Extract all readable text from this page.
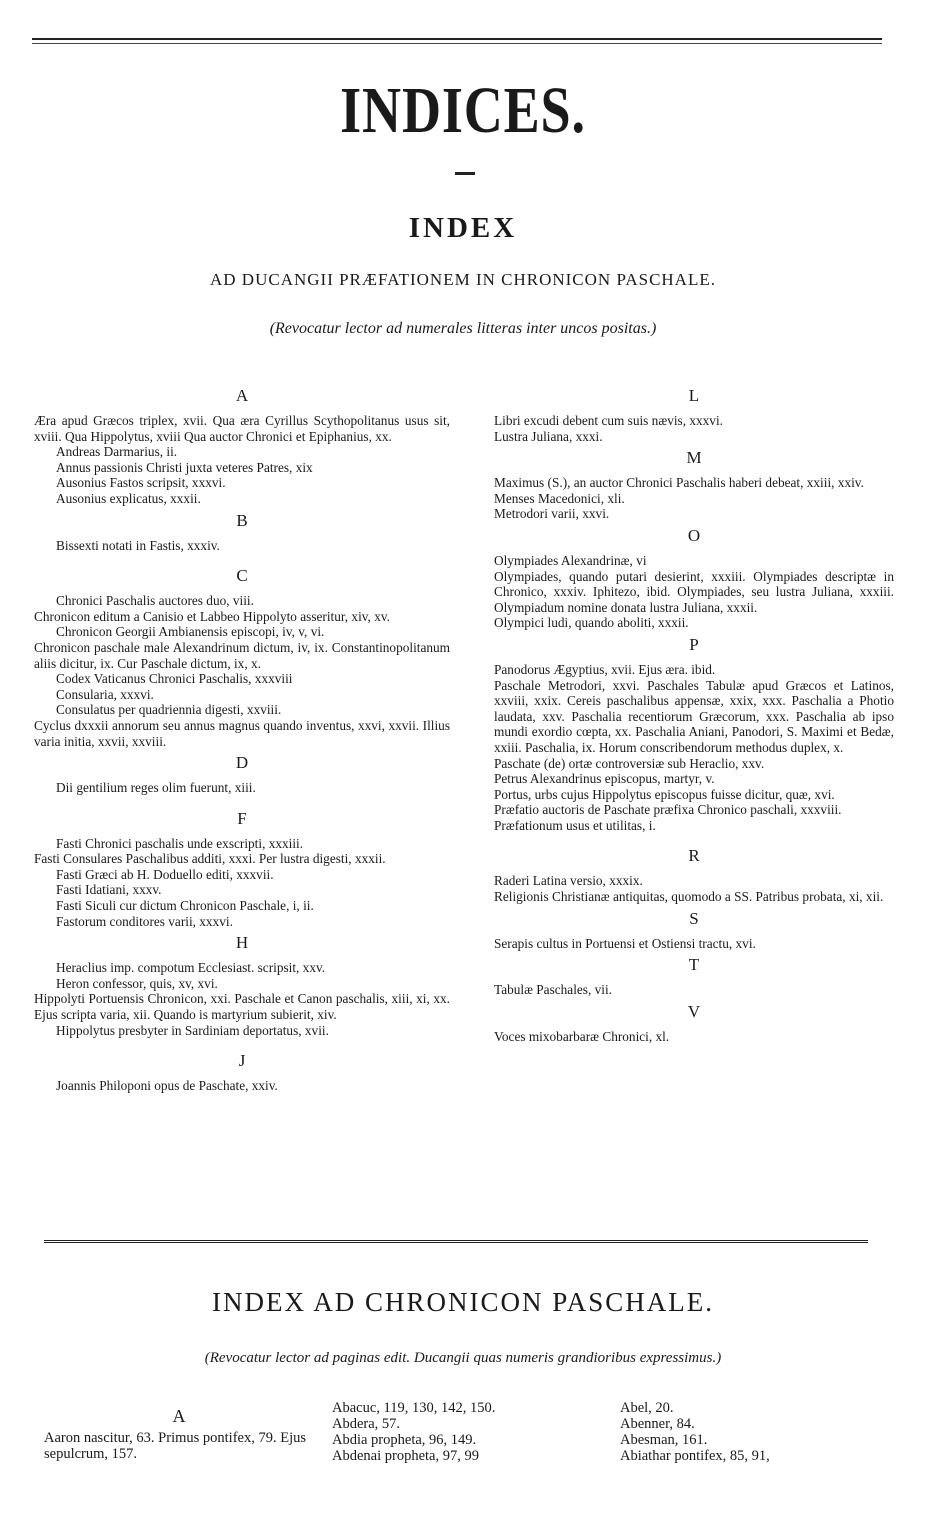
INDICES.
INDEX
AD DUCANGII PRÆFATIONEM IN CHRONICON PASCHALE.
(Revocatur lector ad numerales litteras inter uncos positas.)
A

Æra apud Græcos triplex, xvii. Qua æra Cyrillus Scythopolitanus usus sit, xviii. Qua Hippolytus, xviii Qua auctor Chronici et Epiphanius, xx.

Andreas Darmarius, ii.

Annus passionis Christi juxta veteres Patres, xix

Ausonius Fastos scripsit, xxxvi.

Ausonius explicatus, xxxii.

B

Bissexti notati in Fastis, xxxiv.

C

Chronici Paschalis auctores duo, viii.

Chronicon editum a Canisio et Labbeo Hippolyto asseritur, xiv, xv.

Chronicon Georgii Ambianensis episcopi, iv, v, vi.

Chronicon paschale male Alexandrinum dictum, iv, ix. Constantinopolitanum aliis dicitur, ix. Cur Paschale dictum, ix, x.

Codex Vaticanus Chronici Paschalis, xxxviii

Consularia, xxxvi.

Consulatus per quadriennia digesti, xxviii.

Cyclus dxxxii annorum seu annus magnus quando inventus, xxvi, xxvii. Illius varia initia, xxvii, xxviii.

D

Dii gentilium reges olim fuerunt, xiii.

F

Fasti Chronici paschalis unde exscripti, xxxiii.

Fasti Consulares Paschalibus additi, xxxi. Per lustra digesti, xxxii.

Fasti Græci ab H. Doduello editi, xxxvii.

Fasti Idatiani, xxxv.

Fasti Siculi cur dictum Chronicon Paschale, i, ii.

Fastorum conditores varii, xxxvi.

H

Heraclius imp. compotum Ecclesiast. scripsit, xxv.

Heron confessor, quis, xv, xvi.

Hippolyti Portuensis Chronicon, xxi. Paschale et Canon paschalis, xiii, xi, xx. Ejus scripta varia, xii. Quando is martyrium subierit, xiv.

Hippolytus presbyter in Sardiniam deportatus, xvii.

J

Joannis Philoponi opus de Paschate, xxiv.

L

Libri excudi debent cum suis nævis, xxxvi.

Lustra Juliana, xxxi.

M

Maximus (S.), an auctor Chronici Paschalis haberi debeat, xxiii, xxiv.

Menses Macedonici, xli.

Metrodori varii, xxvi.

O

Olympiades Alexandrinæ, vi

Olympiades, quando putari desierint, xxxiii. Olympiades descriptæ in Chronico, xxxiv. Iphitezo, ibid. Olympiades, seu lustra Juliana, xxxiii. Olympiadum nomine donata lustra Juliana, xxxii.

Olympici ludi, quando aboliti, xxxii.

P

Panodorus Ægyptius, xvii. Ejus æra. ibid.

Paschale Metrodori, xxvi. Paschales Tabulæ apud Græcos et Latinos, xxviii, xxix. Cereis paschalibus appensæ, xxix, xxx. Paschalia a Photio laudata, xxv. Paschalia recentiorum Græcorum, xxx. Paschalia ab ipso mundi exordio cœpta, xx. Paschalia Aniani, Panodori, S. Maximi et Bedæ, xxiii. Paschalia, ix. Horum conscribendorum methodus duplex, x.

Paschate (de) ortæ controversiæ sub Heraclio, xxv.

Petrus Alexandrinus episcopus, martyr, v.

Portus, urbs cujus Hippolytus episcopus fuisse dicitur, quæ, xvi.

Præfatio auctoris de Paschate præfixa Chronico paschali, xxxviii.

Præfationum usus et utilitas, i.

R

Raderi Latina versio, xxxix.

Religionis Christianæ antiquitas, quomodo a SS. Patribus probata, xi, xii.

S

Serapis cultus in Portuensi et Ostiensi tractu, xvi.

T

Tabulæ Paschales, vii.

V

Voces mixobarbaræ Chronici, xl.

INDEX AD CHRONICON PASCHALE.
(Revocatur lector ad paginas edit. Ducangii quas numeris grandioribus expressimus.)
A

Aaron nascitur, 63. Primus pontifex, 79. Ejus sepulcrum, 157.

Abacuc, 119, 130, 142, 150.

Abdera, 57.

Abdia propheta, 96, 149.

Abdenai propheta, 97, 99

Abel, 20.

Abenner, 84.

Abesman, 161.

Abiathar pontifex, 85, 91,
